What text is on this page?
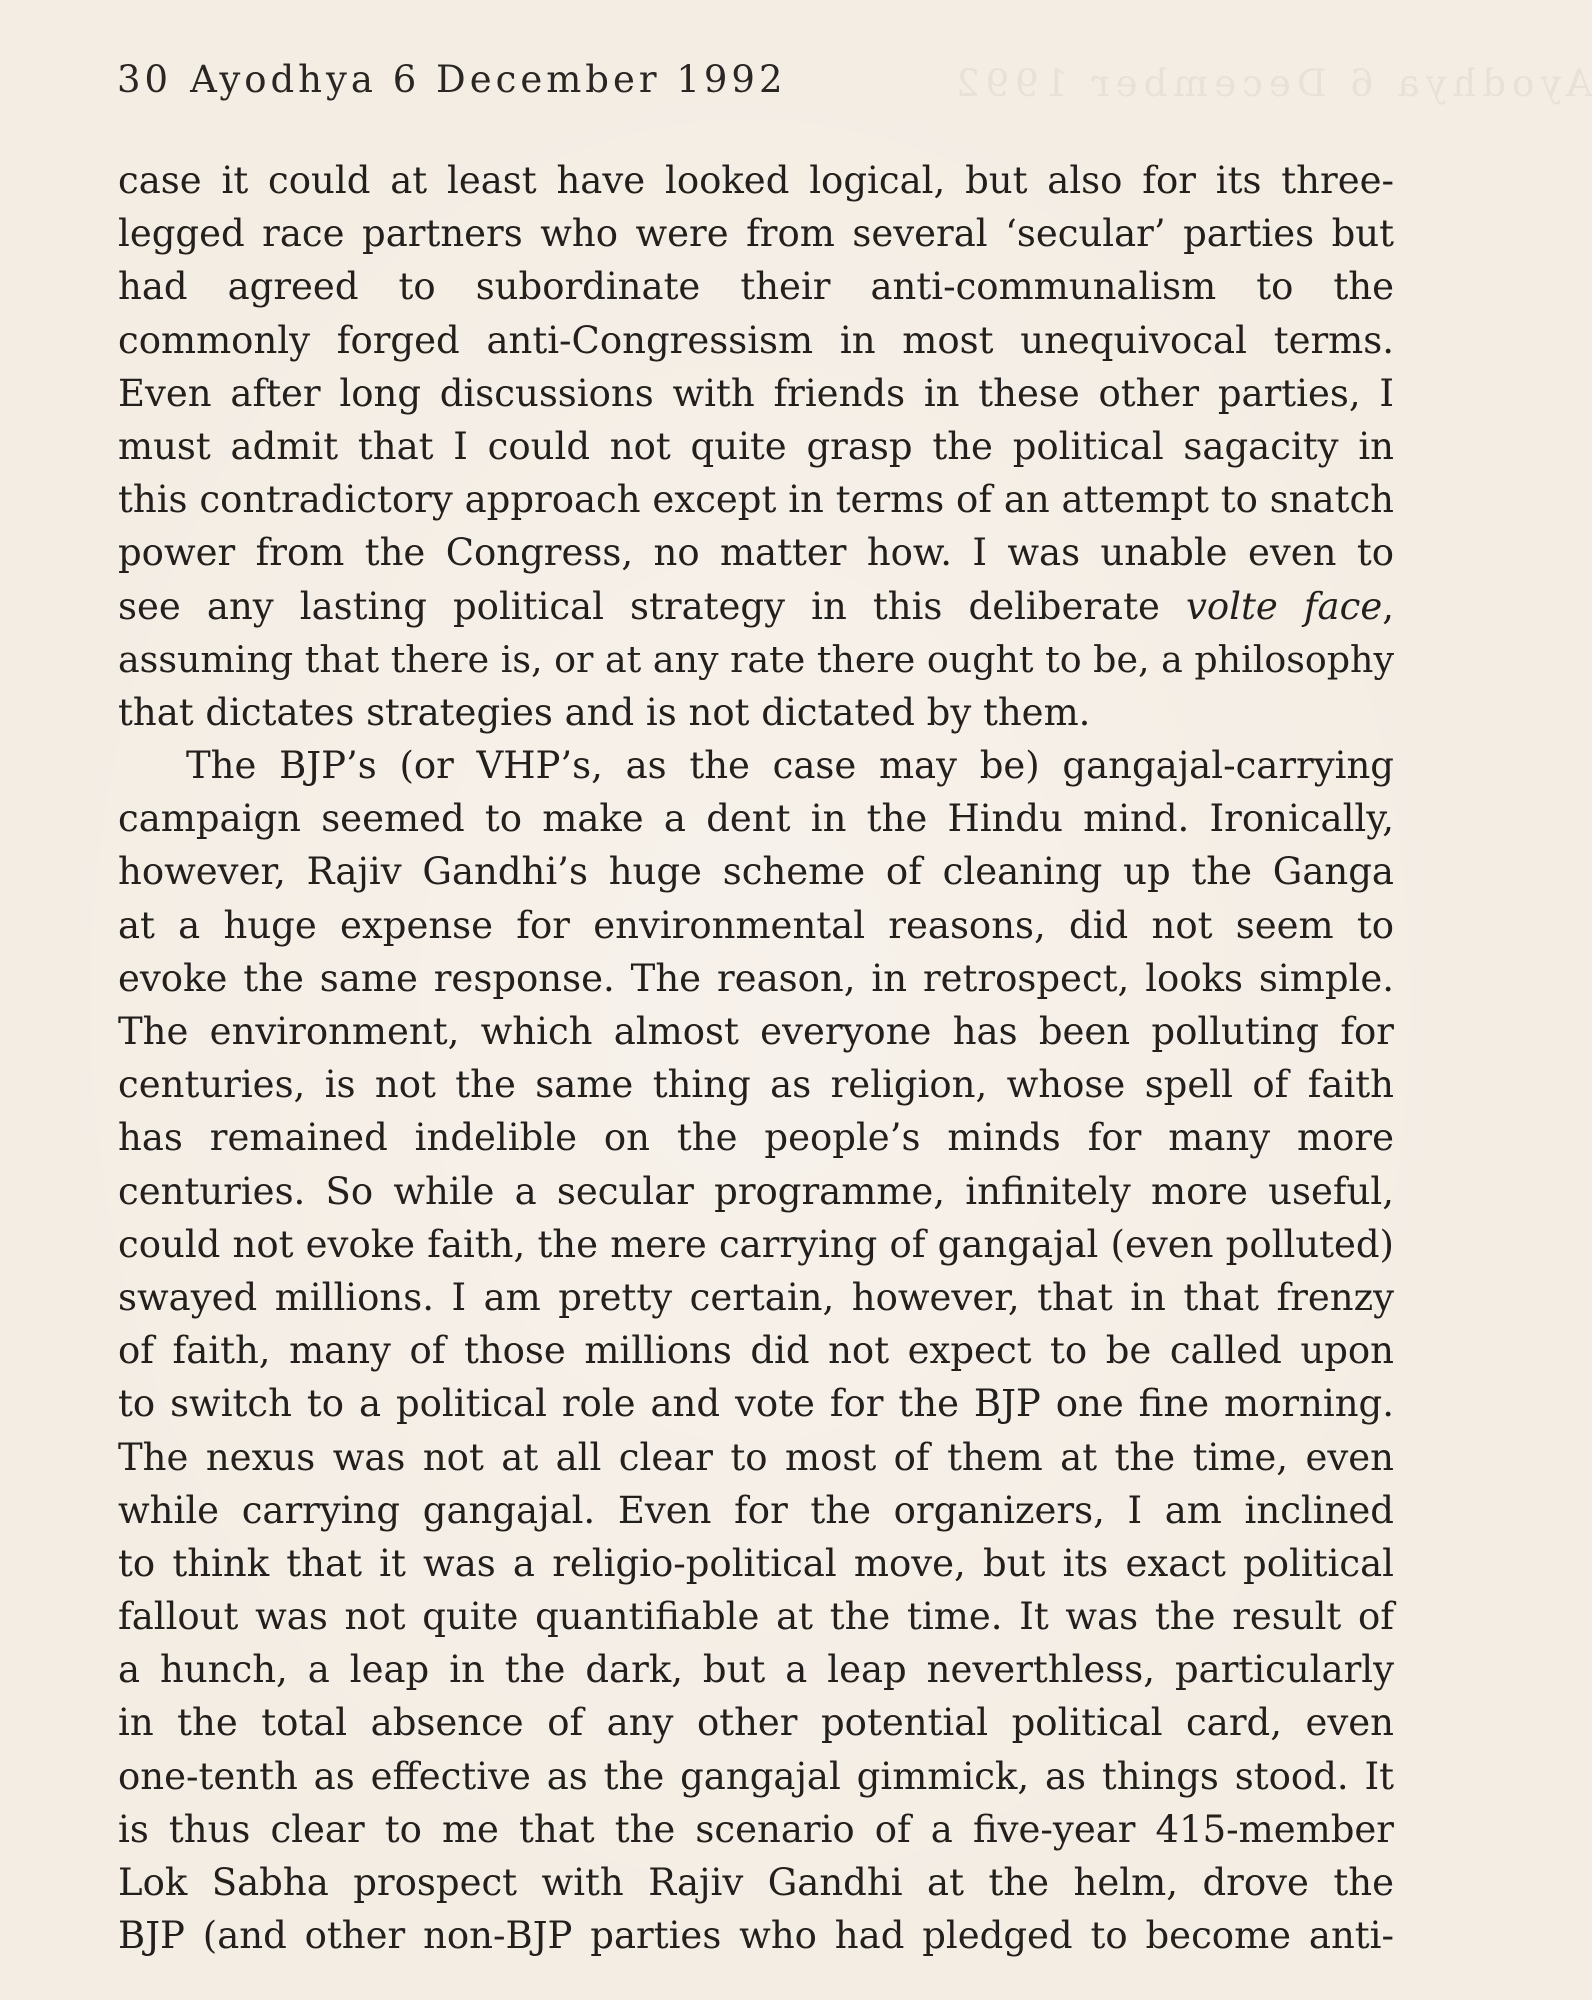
Ayodhya 6 December 1992
30 Ayodhya 6 December 1992
case it could at least have looked logical, but also for its three-
legged race partners who were from several ‘secular’ parties but
had agreed to subordinate their anti-communalism to the
commonly forged anti-Congressism in most unequivocal terms.
Even after long discussions with friends in these other parties, I
must admit that I could not quite grasp the political sagacity in
this contradictory approach except in terms of an attempt to snatch
power from the Congress, no matter how. I was unable even to
see any lasting political strategy in this deliberate volte face,
assuming that there is, or at any rate there ought to be, a philosophy
that dictates strategies and is not dictated by them.
The BJP’s (or VHP’s, as the case may be) gangajal-carrying
campaign seemed to make a dent in the Hindu mind. Ironically,
however, Rajiv Gandhi’s huge scheme of cleaning up the Ganga
at a huge expense for environmental reasons, did not seem to
evoke the same response. The reason, in retrospect, looks simple.
The environment, which almost everyone has been polluting for
centuries, is not the same thing as religion, whose spell of faith
has remained indelible on the people’s minds for many more
centuries. So while a secular programme, infinitely more useful,
could not evoke faith, the mere carrying of gangajal (even polluted)
swayed millions. I am pretty certain, however, that in that frenzy
of faith, many of those millions did not expect to be called upon
to switch to a political role and vote for the BJP one fine morning.
The nexus was not at all clear to most of them at the time, even
while carrying gangajal. Even for the organizers, I am inclined
to think that it was a religio-political move, but its exact political
fallout was not quite quantifiable at the time. It was the result of
a hunch, a leap in the dark, but a leap neverthless, particularly
in the total absence of any other potential political card, even
one-tenth as effective as the gangajal gimmick, as things stood. It
is thus clear to me that the scenario of a five-year 415-member
Lok Sabha prospect with Rajiv Gandhi at the helm, drove the
BJP (and other non-BJP parties who had pledged to become anti-
